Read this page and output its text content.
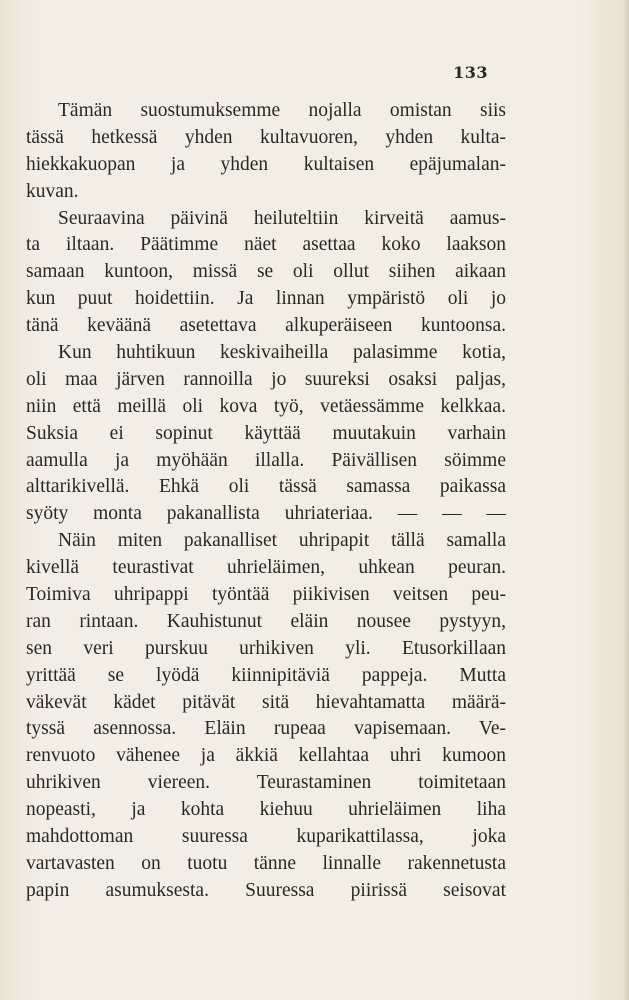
133
Tämän suostumuksemme nojalla omistan siis
tässä hetkessä yhden kultavuoren, yhden kulta-
hiekkakuopan ja yhden kultaisen epäjumalan-
kuvan.
Seuraavina päivinä heiluteltiin kirveitä aamus-
ta iltaan. Päätimme näet asettaa koko laakson
samaan kuntoon, missä se oli ollut siihen aikaan
kun puut hoidettiin. Ja linnan ympäristö oli jo
tänä keväänä asetettava alkuperäiseen kuntoonsa.
Kun huhtikuun keskivaiheilla palasimme kotia,
oli maa järven rannoilla jo suureksi osaksi paljas,
niin että meillä oli kova työ, vetäessämme kelkkaa.
Suksia ei sopinut käyttää muutakuin varhain
aamulla ja myöhään illalla. Päivällisen söimme
alttarikivellä. Ehkä oli tässä samassa paikassa
syöty monta pakanallista uhriateriaa. — — —
Näin miten pakanalliset uhripapit tällä samalla
kivellä teurastivat uhrieläimen, uhkean peuran.
Toimiva uhripappi työntää piikivisen veitsen peu-
ran rintaan. Kauhistunut eläin nousee pystyyn,
sen veri purskuu urhikiven yli. Etusorkillaan
yrittää se lyödä kiinnipitäviä pappeja. Mutta
väkevät kädet pitävät sitä hievahtamatta määrä-
tyssä asennossa. Eläin rupeaa vapisemaan. Ve-
renvuoto vähenee ja äkkiä kellahtaa uhri kumoon
uhrikiven viereen. Teurastaminen toimitetaan
nopeasti, ja kohta kiehuu uhrieläimen liha
mahdottoman suuressa kuparikattilassa, joka
vartavasten on tuotu tänne linnalle rakennetusta
papin asumuksesta. Suuressa piirissä seisovat
